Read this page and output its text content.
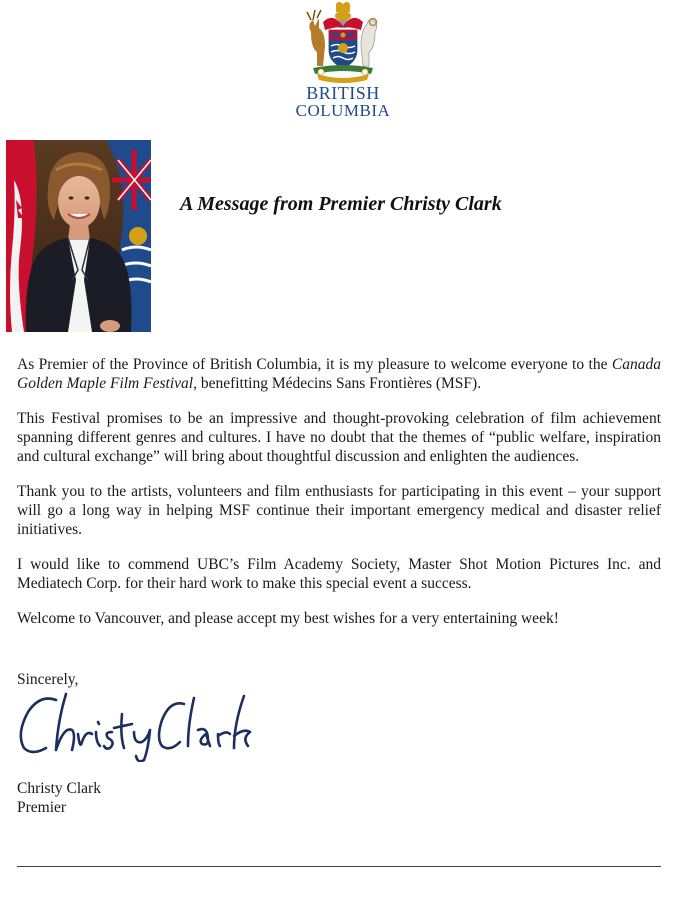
BRITISH
COLUMBIA
A Message from Premier Christy Clark

As Premier of the Province of British Columbia, it is my pleasure to welcome everyone to the Canada Golden Maple Film Festival, benefitting Médecins Sans Frontières (MSF).

This Festival promises to be an impressive and thought-provoking celebration of film achievement spanning different genres and cultures. I have no doubt that the themes of “public welfare, inspiration and cultural exchange” will bring about thoughtful discussion and enlighten the audiences.

Thank you to the artists, volunteers and film enthusiasts for participating in this event – your support will go a long way in helping MSF continue their important emergency medical and disaster relief initiatives.

I would like to commend UBC’s Film Academy Society, Master Shot Motion Pictures Inc. and Mediatech Corp. for their hard work to make this special event a success.

Welcome to Vancouver, and please accept my best wishes for a very entertaining week!

Sincerely,
Christy Clark
Premier
